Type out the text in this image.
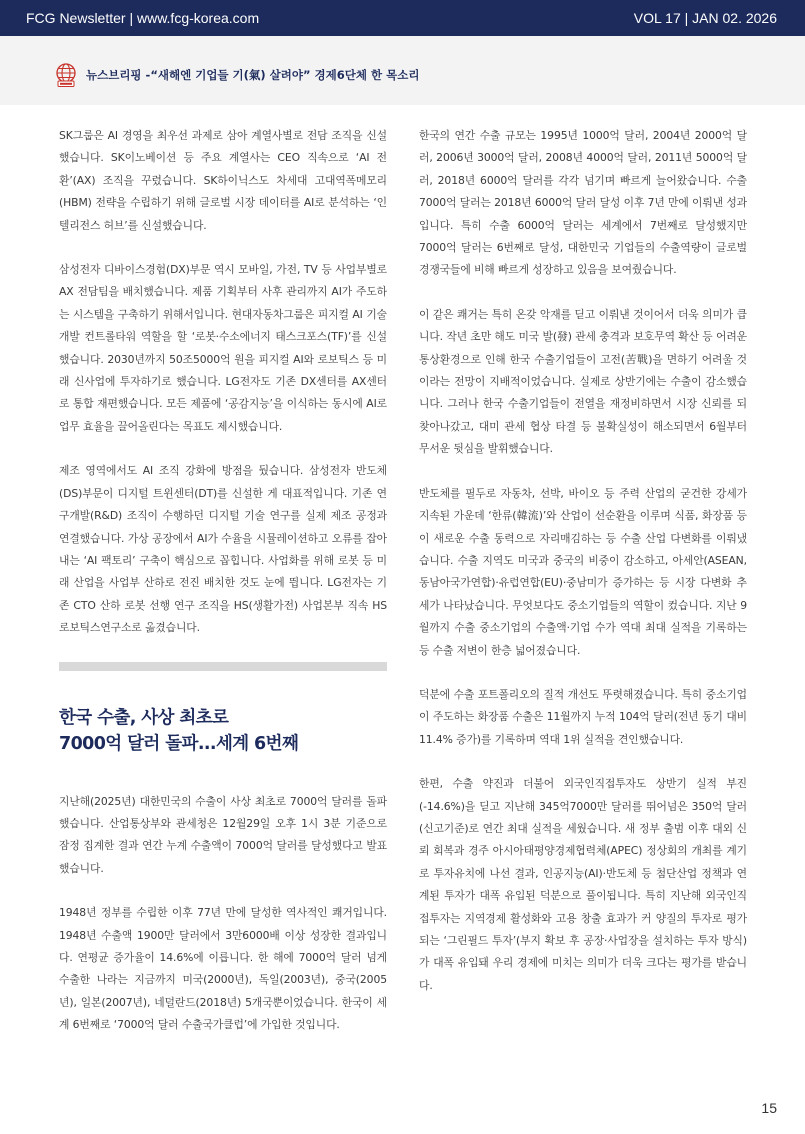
FCG Newsletter | www.fcg-korea.com	VOL 17 | JAN 02. 2026
뉴스브리핑 -“새해엔 기업들 기(氣) 살려야” 경제6단체 한 목소리

SK그룹은 AI 경영을 최우선 과제로 삼아 계열사별로 전담 조직을 신설했습니다. SK이노베이션 등 주요 계열사는 CEO 직속으로 ‘AI 전환’(AX) 조직을 꾸렸습니다. SK하이닉스도 차세대 고대역폭메모리(HBM) 전략을 수립하기 위해 글로벌 시장 데이터를 AI로 분석하는 ‘인텔리전스 허브’를 신설했습니다.

삼성전자 디바이스경험(DX)부문 역시 모바일, 가전, TV 등 사업부별로 AX 전담팀을 배치했습니다. 제품 기획부터 사후 관리까지 AI가 주도하는 시스템을 구축하기 위해서입니다. 현대자동차그룹은 피지컬 AI 기술 개발 컨트롤타워 역할을 할 ‘로봇·수소에너지 태스크포스(TF)’를 신설했습니다. 2030년까지 50조5000억 원을 피지컬 AI와 로보틱스 등 미래 신사업에 투자하기로 했습니다. LG전자도 기존 DX센터를 AX센터로 통합 재편했습니다. 모든 제품에 ‘공감지능’을 이식하는 동시에 AI로 업무 효율을 끌어올린다는 목표도 제시했습니다.

제조 영역에서도 AI 조직 강화에 방점을 뒀습니다. 삼성전자 반도체(DS)부문이 디지털 트윈센터(DT)를 신설한 게 대표적입니다. 기존 연구개발(R&D) 조직이 수행하던 디지털 기술 연구를 실제 제조 공정과 연결했습니다. 가상 공장에서 AI가 수율을 시뮬레이션하고 오류를 잡아내는 ‘AI 팩토리’ 구축이 핵심으로 꼽힙니다. 사업화를 위해 로봇 등 미래 산업을 사업부 산하로 전진 배치한 것도 눈에 띕니다. LG전자는 기존 CTO 산하 로봇 선행 연구 조직을 HS(생활가전) 사업본부 직속 HS로보틱스연구소로 옮겼습니다.

한국 수출, 사상 최초로
7000억 달러 돌파...세계 6번째

지난해(2025년) 대한민국의 수출이 사상 최초로 7000억 달러를 돌파했습니다. 산업통상부와 관세청은 12월29일 오후 1시 3분 기준으로 잠정 집계한 결과 연간 누계 수출액이 7000억 달러를 달성했다고 발표했습니다.

1948년 정부를 수립한 이후 77년 만에 달성한 역사적인 쾌거입니다. 1948년 수출액 1900만 달러에서 3만6000배 이상 성장한 결과입니다. 연평균 증가율이 14.6%에 이릅니다. 한 해에 7000억 달러 넘게 수출한 나라는 지금까지 미국(2000년), 독일(2003년), 중국(2005년), 일본(2007년), 네덜란드(2018년) 5개국뿐이었습니다. 한국이 세계 6번째로 ‘7000억 달러 수출국가클럽’에 가입한 것입니다.

한국의 연간 수출 규모는 1995년 1000억 달러, 2004년 2000억 달러, 2006년 3000억 달러, 2008년 4000억 달러, 2011년 5000억 달러, 2018년 6000억 달러를 각각 넘기며 빠르게 늘어왔습니다. 수출 7000억 달러는 2018년 6000억 달러 달성 이후 7년 만에 이뤄낸 성과입니다. 특히 수출 6000억 달러는 세계에서 7번째로 달성했지만 7000억 달러는 6번째로 달성, 대한민국 기업들의 수출역량이 글로벌 경쟁국들에 비해 빠르게 성장하고 있음을 보여줬습니다.

이 같은 쾌거는 특히 온갖 악재를 딛고 이뤄낸 것이어서 더욱 의미가 큽니다. 작년 초만 해도 미국 발(發) 관세 충격과 보호무역 확산 등 어려운 통상환경으로 인해 한국 수출기업들이 고전(苦戰)을 면하기 어려울 것이라는 전망이 지배적이었습니다. 실제로 상반기에는 수출이 감소했습니다. 그러나 한국 수출기업들이 전열을 재정비하면서 시장 신뢰를 되찾아나갔고, 대미 관세 협상 타결 등 불확실성이 해소되면서 6월부터 무서운 뒷심을 발휘했습니다.

반도체를 필두로 자동차, 선박, 바이오 등 주력 산업의 굳건한 강세가 지속된 가운데 ‘한류(韓流)’와 산업이 선순환을 이루며 식품, 화장품 등이 새로운 수출 동력으로 자리매김하는 등 수출 산업 다변화를 이뤄냈습니다. 수출 지역도 미국과 중국의 비중이 감소하고, 아세안(ASEAN, 동남아국가연합)·유럽연합(EU)·중남미가 증가하는 등 시장 다변화 추세가 나타났습니다. 무엇보다도 중소기업들의 역할이 컸습니다. 지난 9월까지 수출 중소기업의 수출액·기업 수가 역대 최대 실적을 기록하는 등 수출 저변이 한층 넓어졌습니다.

덕분에 수출 포트폴리오의 질적 개선도 뚜렷해졌습니다. 특히 중소기업이 주도하는 화장품 수출은 11월까지 누적 104억 달러(전년 동기 대비 11.4% 증가)를 기록하며 역대 1위 실적을 견인했습니다.

한편, 수출 약진과 더불어 외국인직접투자도 상반기 실적 부진(-14.6%)을 딛고 지난해 345억7000만 달러를 뛰어넘은 350억 달러(신고기준)로 연간 최대 실적을 세웠습니다. 새 정부 출범 이후 대외 신뢰 회복과 경주 아시아태평양경제협력체(APEC) 정상회의 개최를 계기로 투자유치에 나선 결과, 인공지능(AI)·반도체 등 첨단산업 정책과 연계된 투자가 대폭 유입된 덕분으로 풀이됩니다. 특히 지난해 외국인직접투자는 지역경제 활성화와 고용 창출 효과가 커 양질의 투자로 평가되는 ‘그린필드 투자’(부지 확보 후 공장·사업장을 설치하는 투자 방식)가 대폭 유입돼 우리 경제에 미치는 의미가 더욱 크다는 평가를 받습니다.

15
